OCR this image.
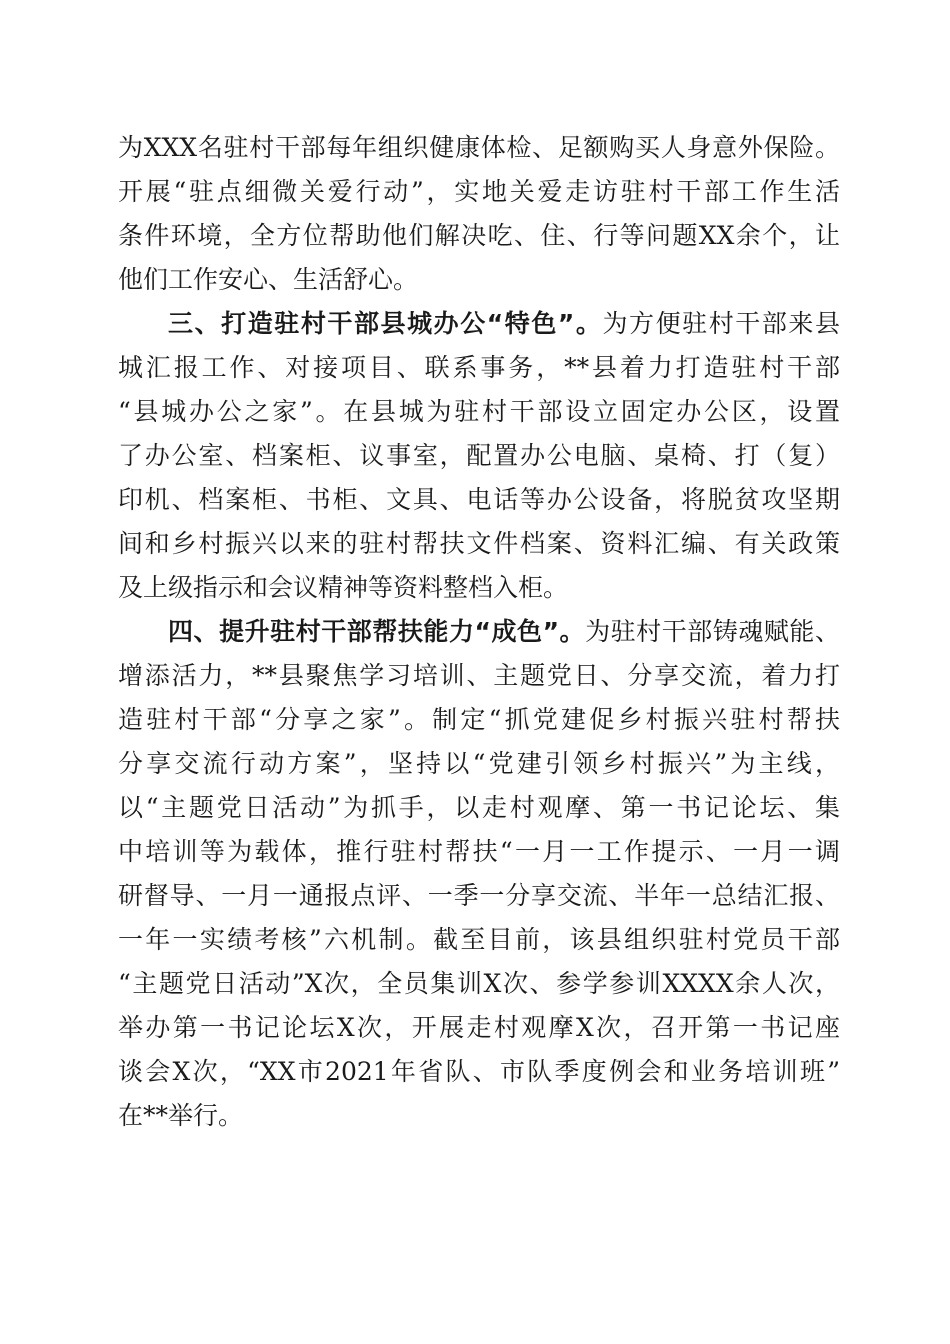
为XXX名驻村干部每年组织健康体检、足额购买人身意外保险。
开展“驻点细微关爱行动”，实地关爱走访驻村干部工作生活
条件环境，全方位帮助他们解决吃、住、行等问题XX余个，让
他们工作安心、生活舒心。
三、打造驻村干部县城办公“特色”。为方便驻村干部来县
城汇报工作、对接项目、联系事务，**县着力打造驻村干部
“县城办公之家”。在县城为驻村干部设立固定办公区，设置
了办公室、档案柜、议事室，配置办公电脑、桌椅、打（复）
印机、档案柜、书柜、文具、电话等办公设备，将脱贫攻坚期
间和乡村振兴以来的驻村帮扶文件档案、资料汇编、有关政策
及上级指示和会议精神等资料整档入柜。
四、提升驻村干部帮扶能力“成色”。为驻村干部铸魂赋能、
增添活力，**县聚焦学习培训、主题党日、分享交流，着力打
造驻村干部“分享之家”。制定“抓党建促乡村振兴驻村帮扶
分享交流行动方案”，坚持以“党建引领乡村振兴”为主线，
以“主题党日活动”为抓手，以走村观摩、第一书记论坛、集
中培训等为载体，推行驻村帮扶“一月一工作提示、一月一调
研督导、一月一通报点评、一季一分享交流、半年一总结汇报、
一年一实绩考核”六机制。截至目前，该县组织驻村党员干部
“主题党日活动”X次，全员集训X次、参学参训XXXX余人次，
举办第一书记论坛X次，开展走村观摩X次，召开第一书记座
谈会X次，“XX市2021年省队、市队季度例会和业务培训班”
在**举行。
